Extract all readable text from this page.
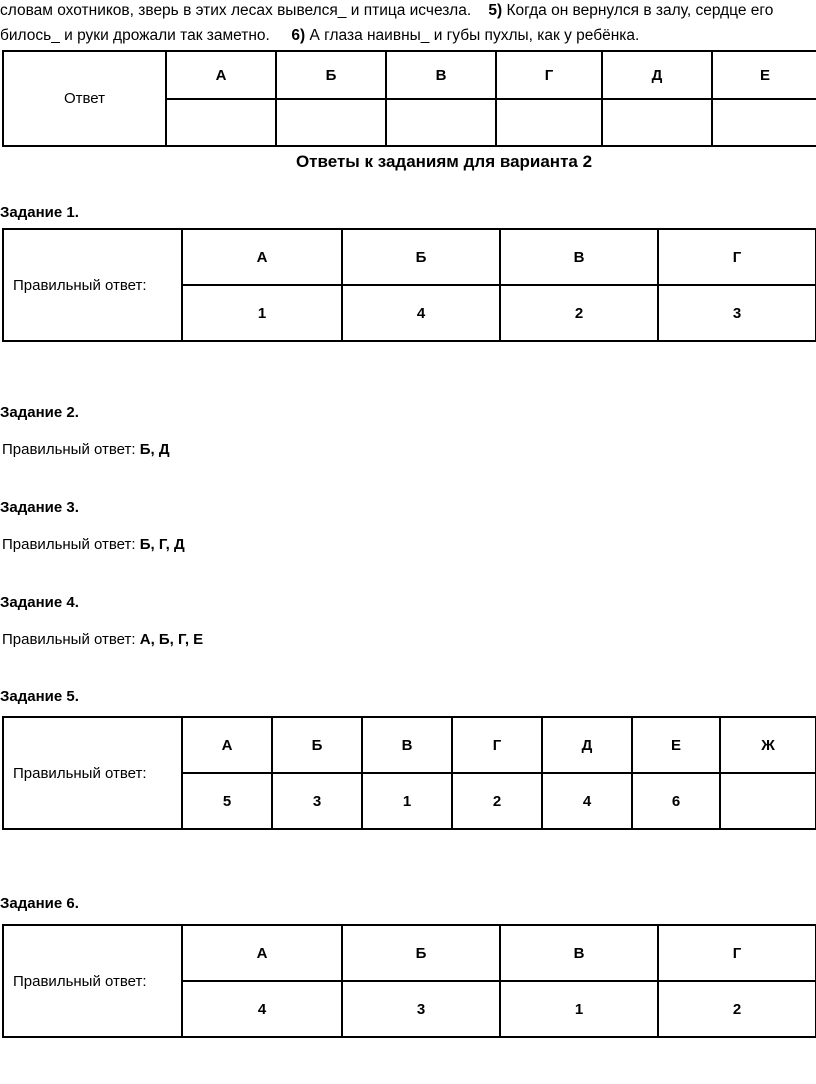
словам охотников, зверь в этих лесах вывелся_ и птица исчезла. 5) Когда он вернулся в залу, сердце его
билось_ и руки дрожали так заметно. 6) А глаза наивны_ и губы пухлы, как у ребёнка.
Ответ	А	Б	В	Г	Д	Е

Ответы к заданиям для варианта 2
Задание 1.
Правильный ответ:	А	Б	В	Г
	1	4	2	3
Задание 2.
Правильный ответ: Б, Д
Задание 3.
Правильный ответ: Б, Г, Д
Задание 4.
Правильный ответ: А, Б, Г, Е
Задание 5.
Правильный ответ:	А	Б	В	Г	Д	Е	Ж
	5	3	1	2	4	6	
Задание 6.
Правильный ответ:	А	Б	В	Г
	4	3	1	2
